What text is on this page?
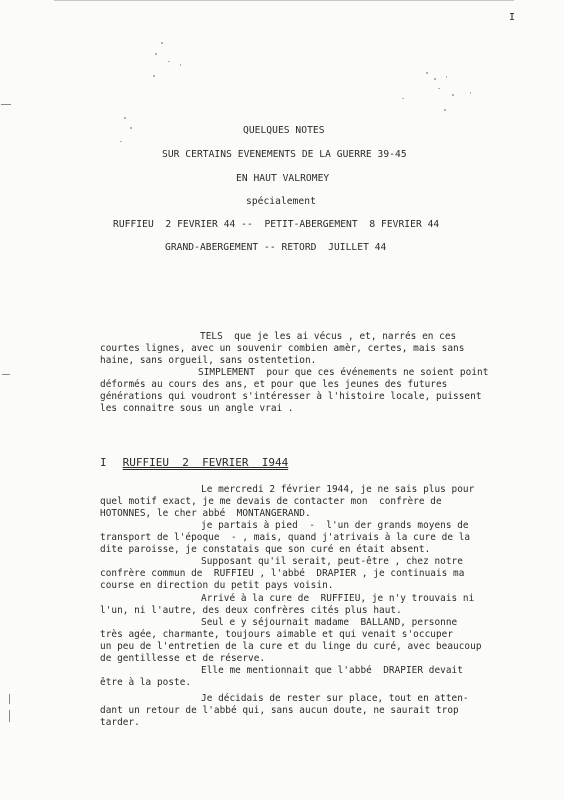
I
QUELQUES NOTES
SUR CERTAINS EVENEMENTS DE LA GUERRE 39-45
EN HAUT VALROMEY
spécialement
RUFFIEU  2 FEVRIER 44 --  PETIT-ABERGEMENT  8 FEVRIER 44
GRAND-ABERGEMENT -- RETORD  JUILLET 44
TELS  que je les ai vécus , et, narrés en ces
courtes lignes, avec un souvenir combien amèr, certes, mais sans
haine, sans orgueil, sans ostentetion.
SIMPLEMENT  pour que ces événements ne soient point
déformés au cours des ans, et pour que les jeunes des futures
générations qui voudront s'intéresser à l'histoire locale, puissent
les connaitre sous un angle vrai .
I RUFFIEU  2  FEVRIER  I944
Le mercredi 2 février 1944, je ne sais plus pour
quel motif exact, je me devais de contacter mon  confrère de
HOTONNES, le cher abbé  MONTANGERAND.
je partais à pied  -  l'un der grands moyens de
transport de l'époque  - , mais, quand j'atrivais à la cure de la
dite paroisse, je constatais que son curé en était absent.
Supposant qu'il serait, peut-être , chez notre
confrère commun de  RUFFIEU , l'abbé  DRAPIER , je continuais ma
course en direction du petit pays voisin.
Arrivé à la cure de  RUFFIEU, je n'y trouvais ni
l'un, ni l'autre, des deux confrères cités plus haut.
Seul e y séjournait madame  BALLAND, personne
très agée, charmante, toujours aimable et qui venait s'occuper
un peu de l'entretien de la cure et du linge du curé, avec beaucoup
de gentillesse et de réserve.
Elle me mentionnait que l'abbé  DRAPIER devait
être à la poste.
Je décidais de rester sur place, tout en atten-
dant un retour de l'abbé qui, sans aucun doute, ne saurait trop
tarder.
